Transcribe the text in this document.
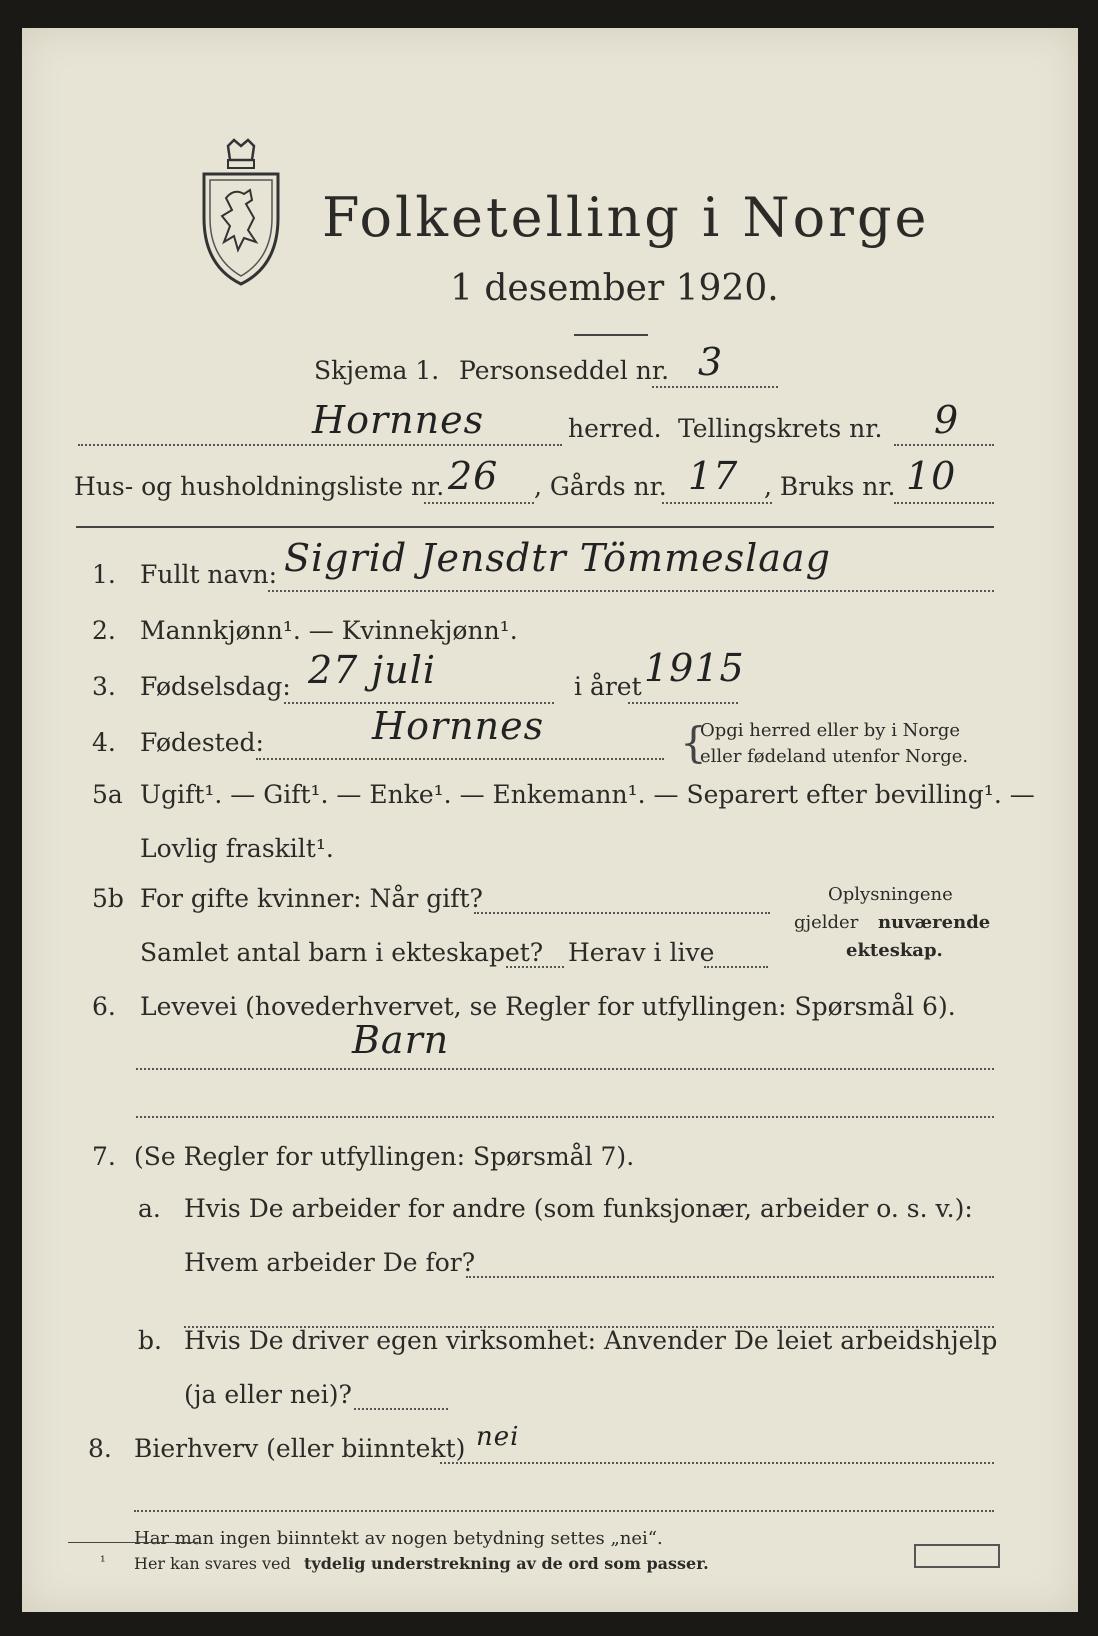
Folketelling i Norge
1 desember 1920.
Skjema 1. Personseddel nr. 3
Hornnes	herred. Tellingskrets nr. 9
Hus- og husholdningsliste nr. 26 , Gårds nr. 17 , Bruks nr. 10
1. Fullt navn: Sigrid Jensdtr Tömmeslaag
2. Mannkjønn¹. — Kvinnekjønn¹.
3. Fødselsdag: 27 juli	i året 1915
4. Fødested:	Hornnes	{
Opgi herred eller by i Norge
eller fødeland utenfor Norge.
5a Ugift¹. — Gift¹. — Enke¹. — Enkemann¹. — Separert efter bevilling¹. —
Lovlig fraskilt¹.
5b For gifte kvinner: Når gift?
Samlet antal barn i ekteskapet? Herav i live
Oplysningene
gjelder nuværende
ekteskap.
6. Levevei (hovederhvervet, se Regler for utfyllingen: Spørsmål 6).
Barn
7. (Se Regler for utfyllingen: Spørsmål 7).
a. Hvis De arbeider for andre (som funksjonær, arbeider o. s. v.):
Hvem arbeider De for?
b. Hvis De driver egen virksomhet: Anvender De leiet arbeidshjelp
(ja eller nei)?
8. Bierhverv (eller biinntekt) nei
Har man ingen biinntekt av nogen betydning settes „nei“.
¹ Her kan svares ved tydelig understrekning av de ord som passer.
